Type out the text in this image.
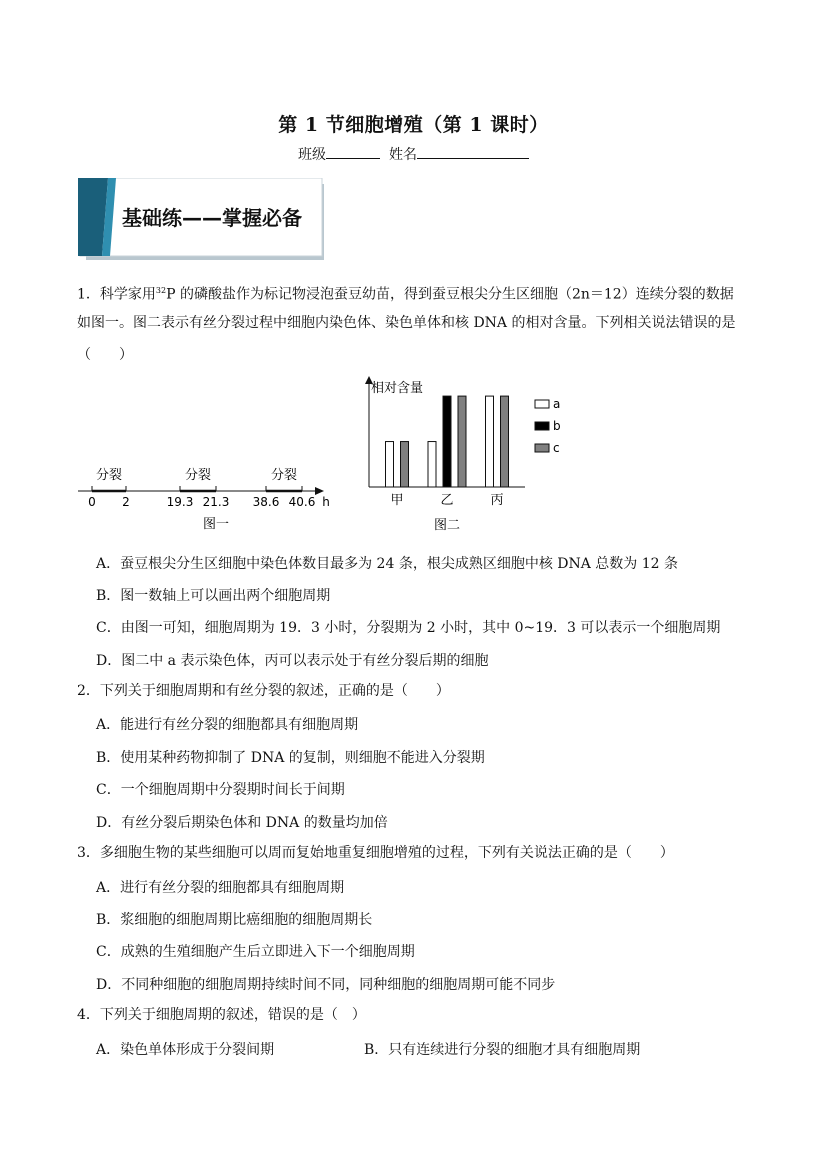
第 1 节细胞增殖（第 1 课时）
班级	姓名
基础练——掌握必备
1．科学家用$^{32}$P 的磷酸盐作为标记物浸泡蚕豆幼苗，得到蚕豆根尖分生区细胞（2n＝12）连续分裂的数据
如图一。图二表示有丝分裂过程中细胞内染色体、染色单体和核 DNA 的相对含量。下列相关说法错误的是
（　　）
分裂	分裂	分裂
0 2	19.3 21.3 38.6 40.6 h
图一
相对含量
甲	乙	丙
a
b
c
图二
A．蚕豆根尖分生区细胞中染色体数目最多为 24 条，根尖成熟区细胞中核 DNA 总数为 12 条
B．图一数轴上可以画出两个细胞周期
C．由图一可知，细胞周期为 19．3 小时，分裂期为 2 小时，其中 0~19．3 可以表示一个细胞周期
D．图二中 a 表示染色体，丙可以表示处于有丝分裂后期的细胞
2．下列关于细胞周期和有丝分裂的叙述，正确的是（　　）
A．能进行有丝分裂的细胞都具有细胞周期
B．使用某种药物抑制了 DNA 的复制，则细胞不能进入分裂期
C．一个细胞周期中分裂期时间长于间期
D．有丝分裂后期染色体和 DNA 的数量均加倍
3．多细胞生物的某些细胞可以周而复始地重复细胞增殖的过程，下列有关说法正确的是（　　）
A．进行有丝分裂的细胞都具有细胞周期
B．浆细胞的细胞周期比癌细胞的细胞周期长
C．成熟的生殖细胞产生后立即进入下一个细胞周期
D．不同种细胞的细胞周期持续时间不同，同种细胞的细胞周期可能不同步
4．下列关于细胞周期的叙述，错误的是（　）
A．染色单体形成于分裂间期	B．只有连续进行分裂的细胞才具有细胞周期
